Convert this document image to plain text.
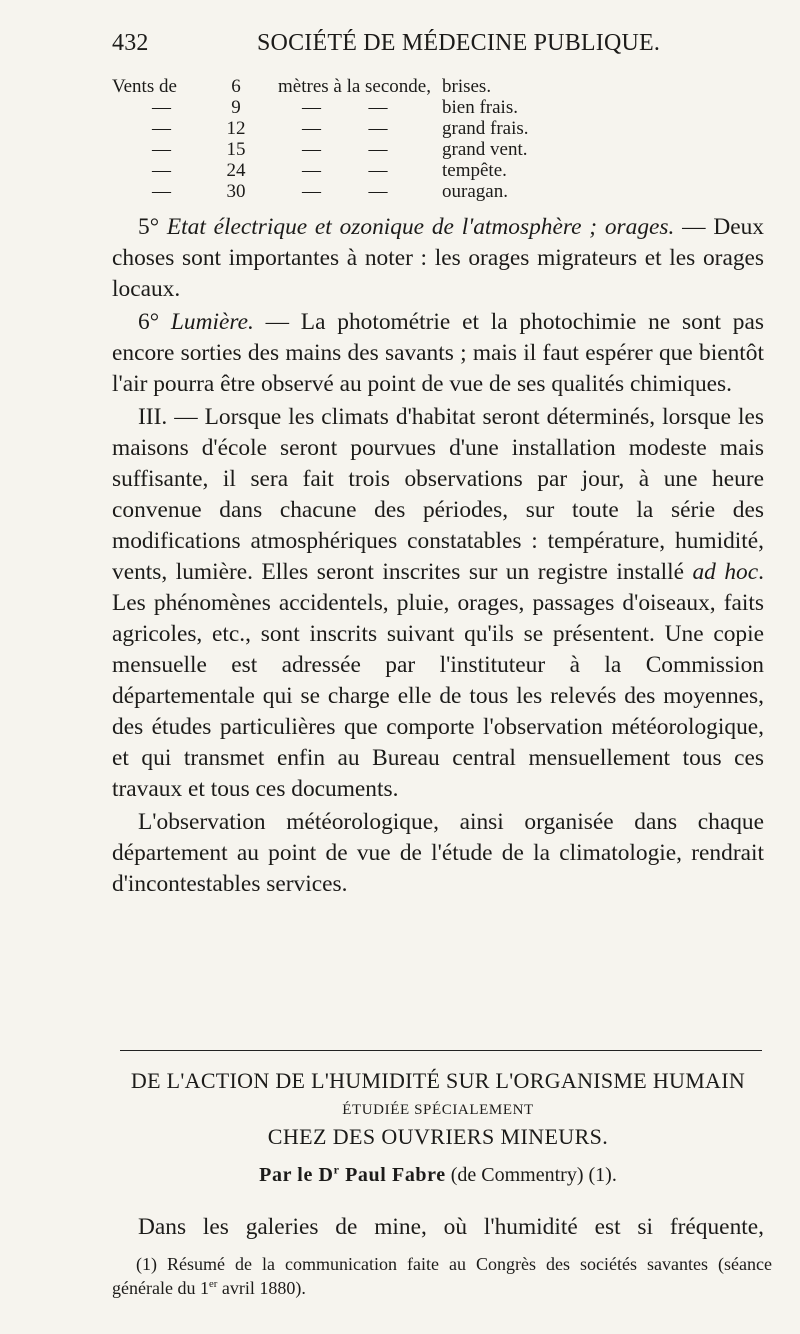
432	SOCIÉTÉ DE MÉDECINE PUBLIQUE.
Vents de	6	mètres à la seconde, brises.
—	9	—          —	bien frais.
—	12	—          —	grand frais.
—	15	—          —	grand vent.
—	24	—          —	tempête.
—	30	—          —	ouragan.

5° Etat électrique et ozonique de l'atmosphère ; orages. — Deux choses sont importantes à noter : les orages migrateurs et les orages locaux.

6° Lumière. — La photométrie et la photochimie ne sont pas encore sorties des mains des savants ; mais il faut espérer que bientôt l'air pourra être observé au point de vue de ses qualités chimiques.

III. — Lorsque les climats d'habitat seront déterminés, lorsque les maisons d'école seront pourvues d'une installation modeste mais suffisante, il sera fait trois observations par jour, à une heure convenue dans chacune des périodes, sur toute la série des modifications atmosphériques constatables : température, humidité, vents, lumière. Elles seront inscrites sur un registre installé ad hoc. Les phénomènes accidentels, pluie, orages, passages d'oiseaux, faits agricoles, etc., sont inscrits suivant qu'ils se présentent. Une copie mensuelle est adressée par l'instituteur à la Commission départementale qui se charge elle de tous les relevés des moyennes, des études particulières que comporte l'observation météorologique, et qui transmet enfin au Bureau central mensuellement tous ces travaux et tous ces documents.

L'observation météorologique, ainsi organisée dans chaque département au point de vue de l'étude de la climatologie, rendrait d'incontestables services.

DE L'ACTION DE L'HUMIDITÉ SUR L'ORGANISME HUMAIN
ÉTUDIÉE SPÉCIALEMENT
CHEZ DES OUVRIERS MINEURS.
Par le $D^r$ Paul Fabre (de Commentry) (1).

Dans les galeries de mine, où l'humidité est si fréquente,

(1) Résumé de la communication faite au Congrès des sociétés savantes (séance générale du 1er avril 1880).
